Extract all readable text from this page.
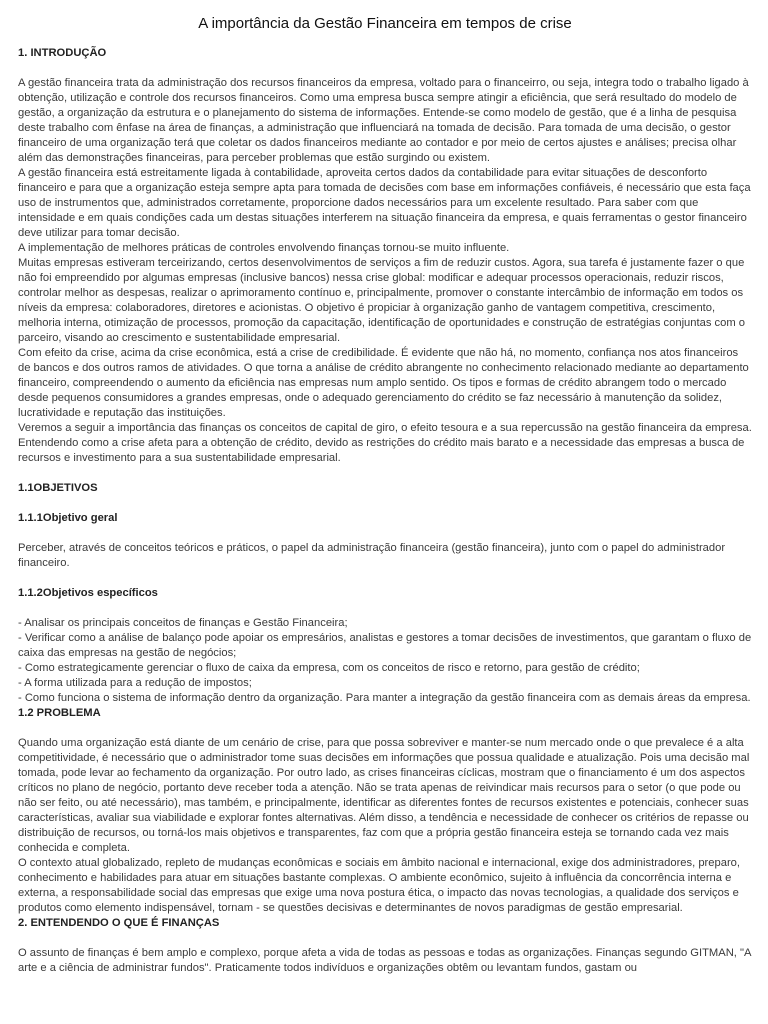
A importância da Gestão Financeira em tempos de crise

1. INTRODUÇÃO

A gestão financeira trata da administração dos recursos financeiros da empresa, voltado para o financeirro, ou seja, integra todo o trabalho ligado à obtenção, utilização e controle dos recursos financeiros. Como uma empresa busca sempre atingir a eficiência, que será resultado do modelo de gestão, a organização da estrutura e o planejamento do sistema de informações. Entende-se como modelo de gestão, que é a linha de pesquisa deste trabalho com ênfase na área de finanças, a administração que influenciará na tomada de decisão. Para tomada de uma decisão, o gestor financeiro de uma organização terá que coletar os dados financeiros mediante ao contador e por meio de certos ajustes e análises; precisa olhar além das demonstrações financeiras, para perceber problemas que estão surgindo ou existem.

A gestão financeira está estreitamente ligada à contabilidade, aproveita certos dados da contabilidade para evitar situações de desconforto financeiro e para que a organização esteja sempre apta para tomada de decisões com base em informações confiáveis, é necessário que esta faça uso de instrumentos que, administrados corretamente, proporcione dados necessários para um excelente resultado. Para saber com que intensidade e em quais condições cada um destas situações interferem na situação financeira da empresa, e quais ferramentas o gestor financeiro deve utilizar para tomar decisão.

A implementação de melhores práticas de controles envolvendo finanças tornou-se muito influente.

Muitas empresas estiveram terceirizando, certos desenvolvimentos de serviços a fim de reduzir custos. Agora, sua tarefa é justamente fazer o que não foi empreendido por algumas empresas (inclusive bancos) nessa crise global: modificar e adequar processos operacionais, reduzir riscos, controlar melhor as despesas, realizar o aprimoramento contínuo e, principalmente, promover o constante intercâmbio de informação em todos os níveis da empresa: colaboradores, diretores e acionistas. O objetivo é propiciar à organização ganho de vantagem competitiva, crescimento, melhoria interna, otimização de processos, promoção da capacitação, identificação de oportunidades e construção de estratégias conjuntas com o parceiro, visando ao crescimento e sustentabilidade empresarial.

Com efeito da crise, acima da crise econômica, está a crise de credibilidade. É evidente que não há, no momento, confiança nos atos financeiros de bancos e dos outros ramos de atividades. O que torna a análise de crédito abrangente no conhecimento relacionado mediante ao departamento financeiro, compreendendo o aumento da eficiência nas empresas num amplo sentido. Os tipos e formas de crédito abrangem todo o mercado desde pequenos consumidores a grandes empresas, onde o adequado gerenciamento do crédito se faz necessário à manutenção da solidez, lucratividade e reputação das instituições.

Veremos a seguir a importância das finanças os conceitos de capital de giro, o efeito tesoura e a sua repercussão na gestão financeira da empresa. Entendendo como a crise afeta para a obtenção de crédito, devido as restrições do crédito mais barato e a necessidade das empresas a busca de recursos e investimento para a sua sustentabilidade empresarial.

1.1OBJETIVOS

1.1.1Objetivo geral

Perceber, através de conceitos teóricos e práticos, o papel da administração financeira (gestão financeira), junto com o papel do administrador financeiro.

1.1.2Objetivos específicos

- Analisar os principais conceitos de finanças e Gestão Financeira;

- Verificar como a análise de balanço pode apoiar os empresários, analistas e gestores a tomar decisões de investimentos, que garantam o fluxo de caixa das empresas na gestão de negócios;

- Como estrategicamente gerenciar o fluxo de caixa da empresa, com os conceitos de risco e retorno, para gestão de crédito;

- A forma utilizada para a redução de impostos;

- Como funciona o sistema de informação dentro da organização. Para manter a integração da gestão financeira com as demais áreas da empresa.

1.2 PROBLEMA

Quando uma organização está diante de um cenário de crise, para que possa sobreviver e manter-se num mercado onde o que prevalece é a alta competitividade, é necessário que o administrador tome suas decisões em informações que possua qualidade e atualização. Pois uma decisão mal tomada, pode levar ao fechamento da organização. Por outro lado, as crises financeiras cíclicas, mostram que o financiamento é um dos aspectos críticos no plano de negócio, portanto deve receber toda a atenção. Não se trata apenas de reivindicar mais recursos para o setor (o que pode ou não ser feito, ou até necessário), mas também, e principalmente, identificar as diferentes fontes de recursos existentes e potenciais, conhecer suas características, avaliar sua viabilidade e explorar fontes alternativas. Além disso, a tendência e necessidade de conhecer os critérios de repasse ou distribuição de recursos, ou torná-los mais objetivos e transparentes, faz com que a própria gestão financeira esteja se tornando cada vez mais conhecida e completa.

O contexto atual globalizado, repleto de mudanças econômicas e sociais em âmbito nacional e internacional, exige dos administradores, preparo, conhecimento e habilidades para atuar em situações bastante complexas. O ambiente econômico, sujeito à influência da concorrência interna e externa, a responsabilidade social das empresas que exige uma nova postura ética, o impacto das novas tecnologias, a qualidade dos serviços e produtos como elemento indispensável, tornam - se questões decisivas e determinantes de novos paradigmas de gestão empresarial.

2. ENTENDENDO O QUE É FINANÇAS

O assunto de finanças é bem amplo e complexo, porque afeta a vida de todas as pessoas e todas as organizações. Finanças segundo GITMAN, "A arte e a ciência de administrar fundos". Praticamente todos indivíduos e organizações obtêm ou levantam fundos, gastam ou
